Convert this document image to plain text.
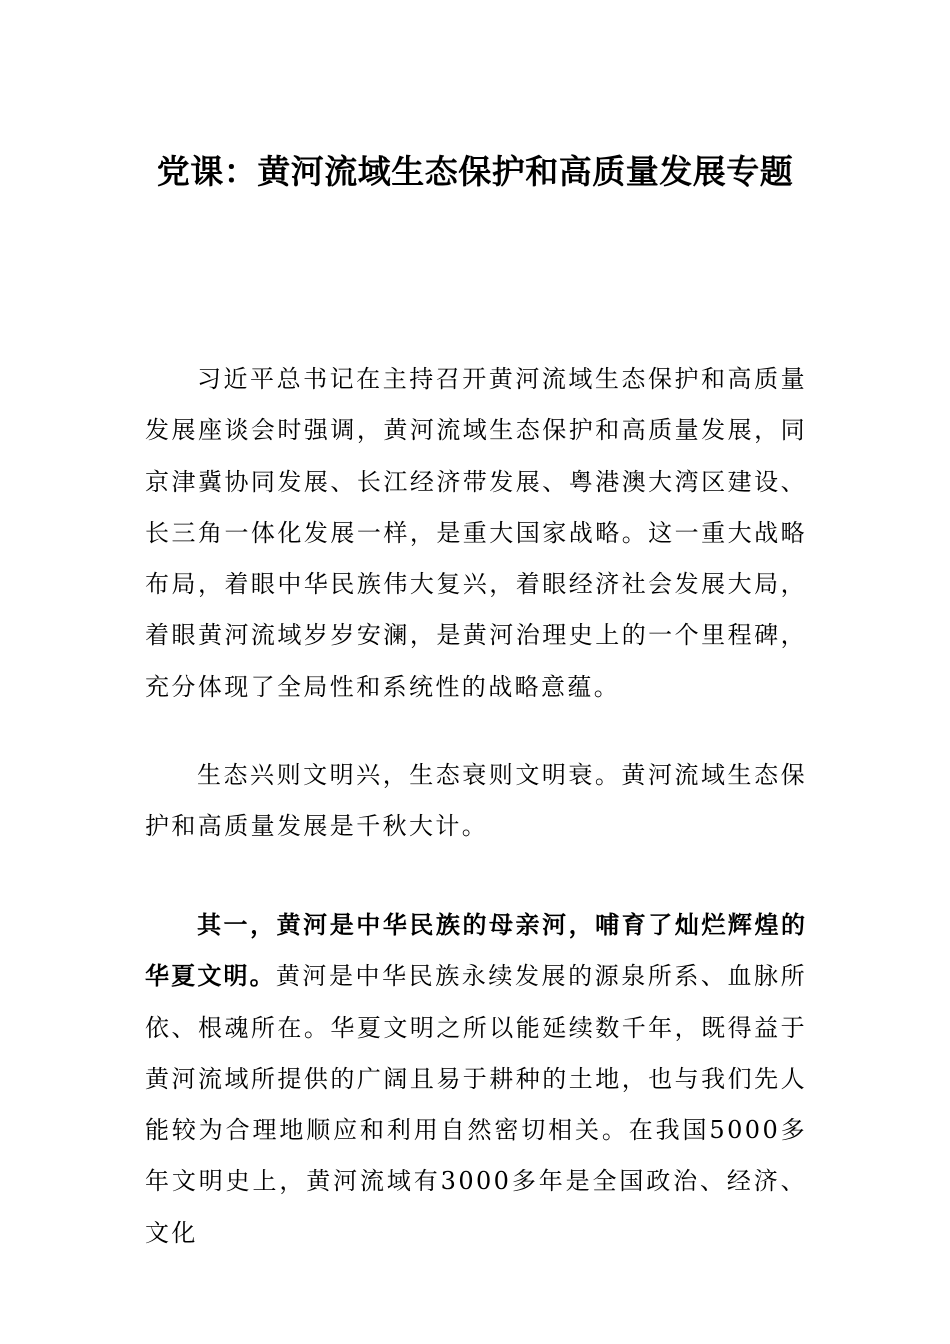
党课：黄河流域生态保护和高质量发展专题

习近平总书记在主持召开黄河流域生态保护和高质量发展座谈会时强调，黄河流域生态保护和高质量发展，同京津冀协同发展、长江经济带发展、粤港澳大湾区建设、长三角一体化发展一样，是重大国家战略。这一重大战略布局，着眼中华民族伟大复兴，着眼经济社会发展大局，着眼黄河流域岁岁安澜，是黄河治理史上的一个里程碑，充分体现了全局性和系统性的战略意蕴。

生态兴则文明兴，生态衰则文明衰。黄河流域生态保护和高质量发展是千秋大计。

其一，黄河是中华民族的母亲河，哺育了灿烂辉煌的华夏文明。黄河是中华民族永续发展的源泉所系、血脉所依、根魂所在。华夏文明之所以能延续数千年，既得益于黄河流域所提供的广阔且易于耕种的土地，也与我们先人能较为合理地顺应和利用自然密切相关。在我国5000多年文明史上，黄河流域有3000多年是全国政治、经济、文化
